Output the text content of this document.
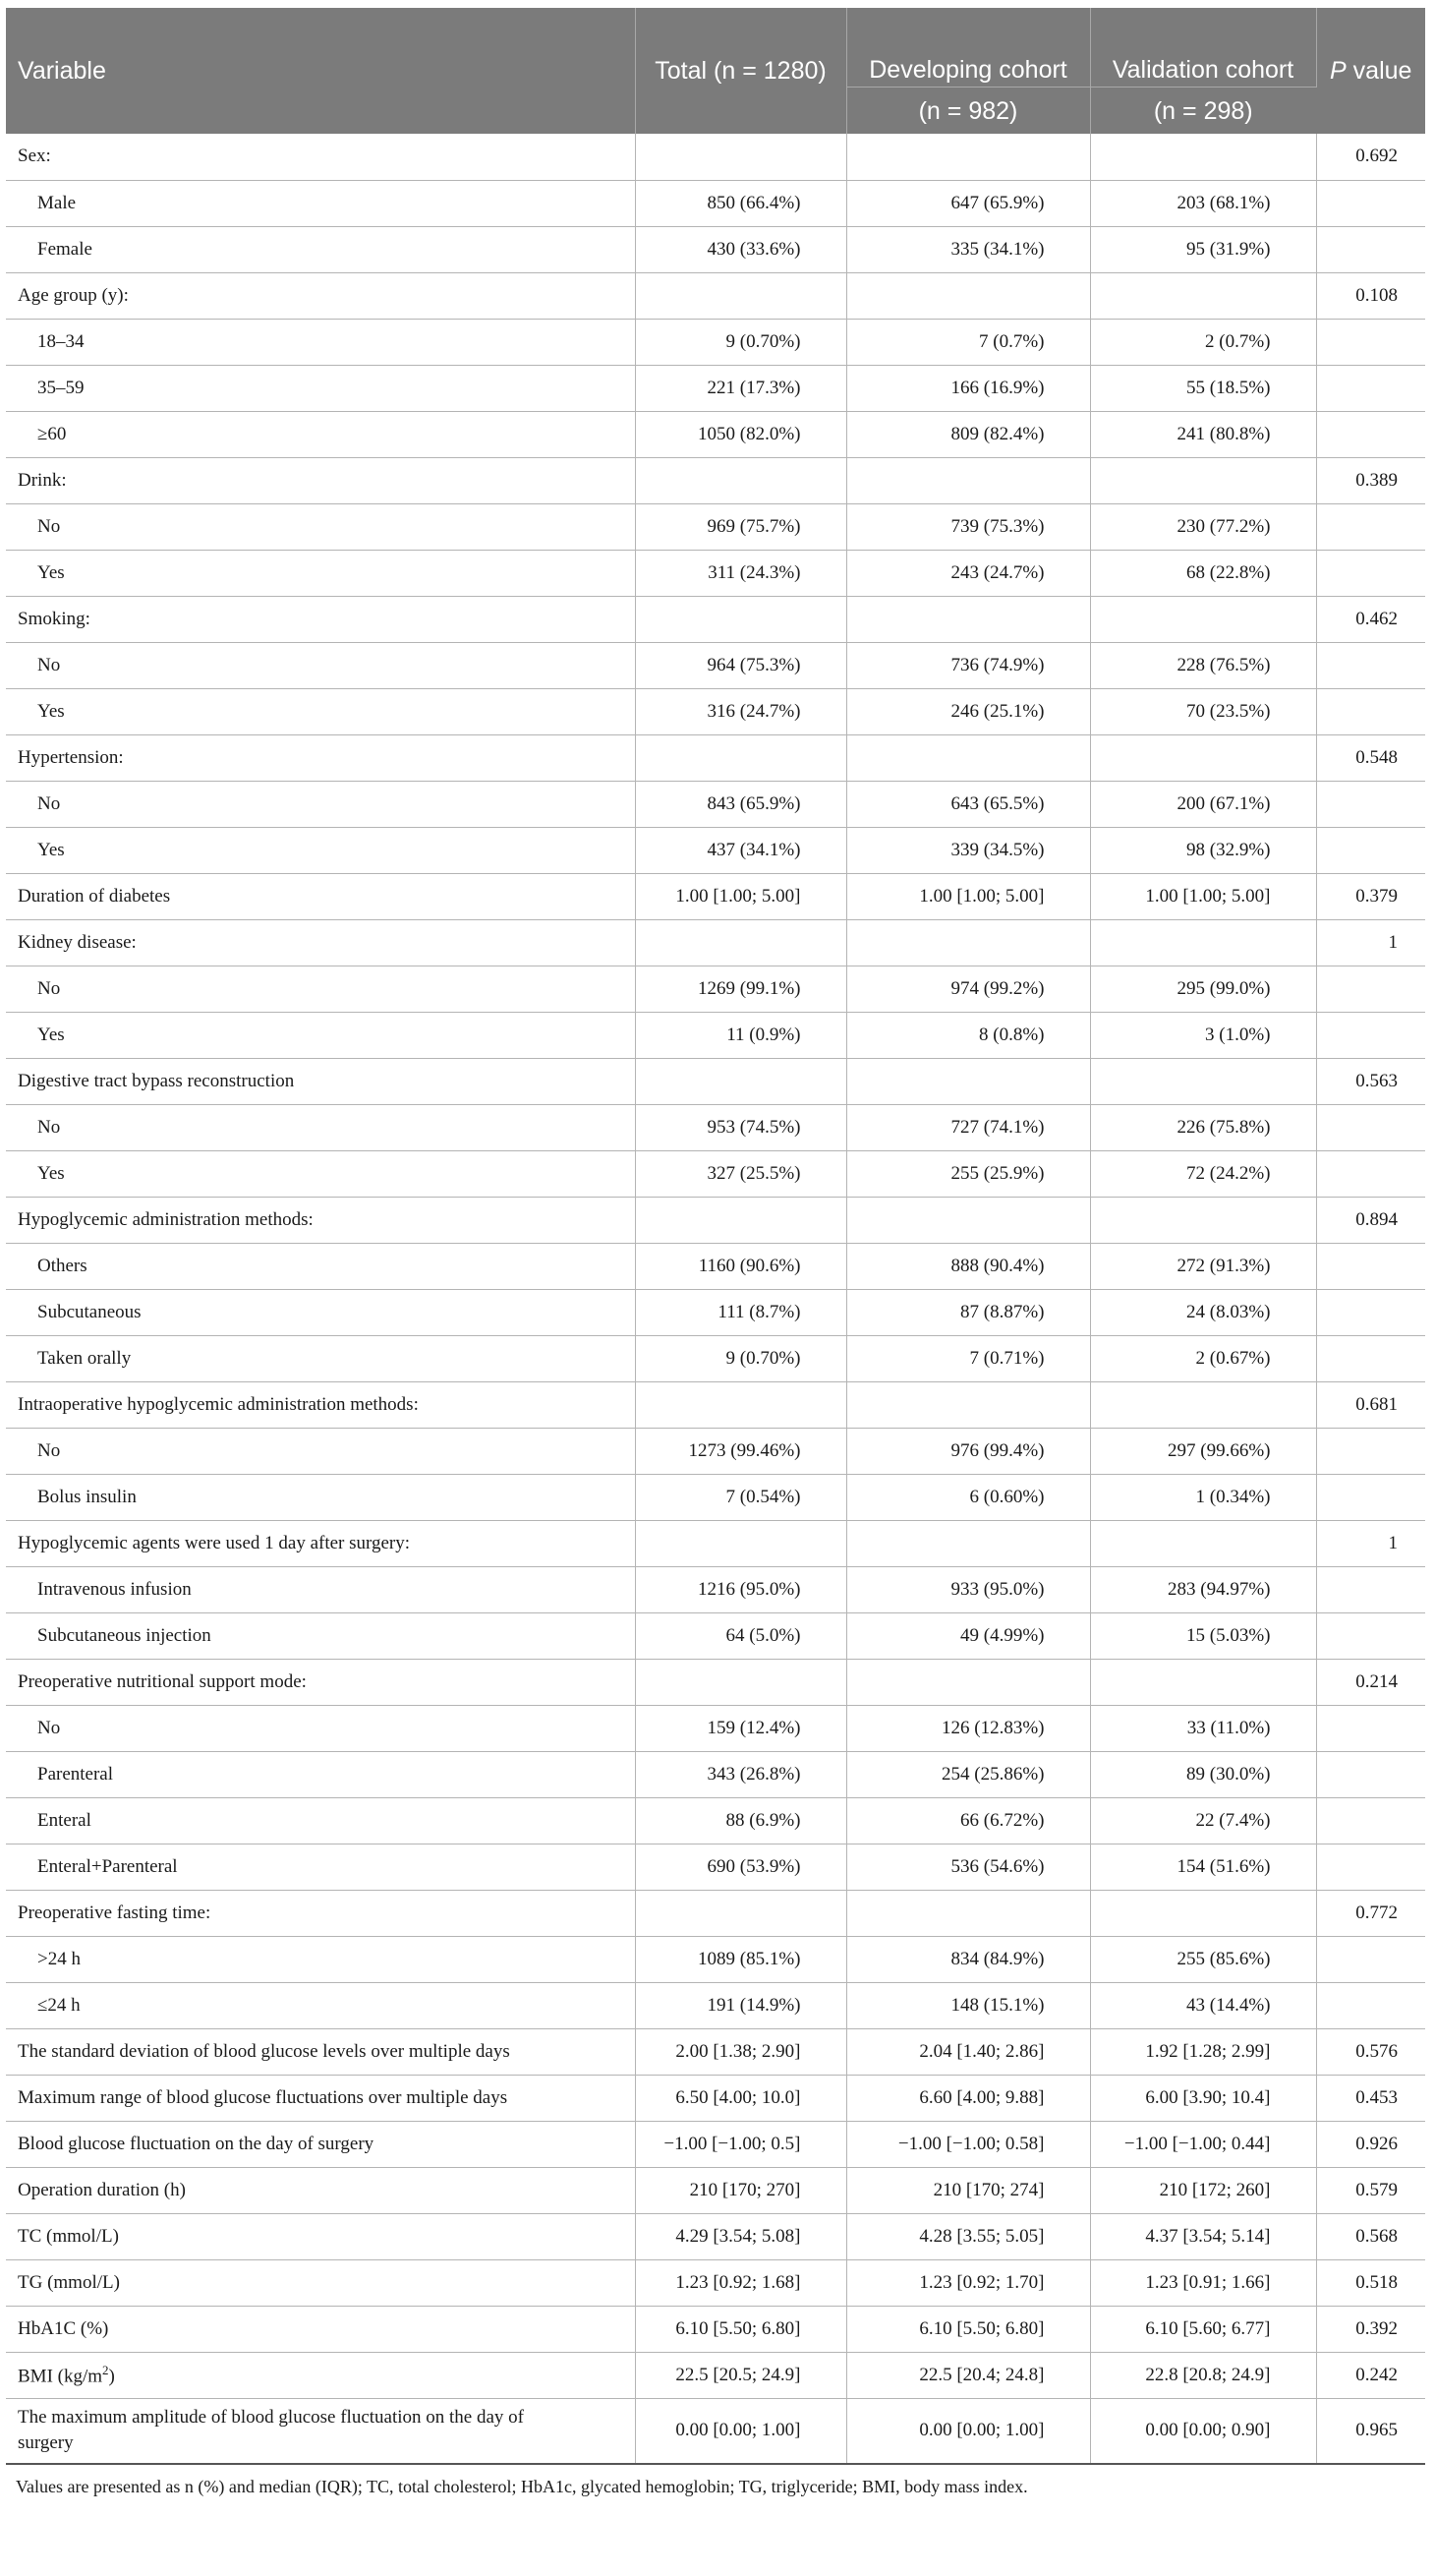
Variable	Total (n = 1280)	Developing cohort	Validation cohort	P value
		(n = 982)	(n = 298)	
Sex:				0.692
Male	850 (66.4%)	647 (65.9%)	203 (68.1%)	
Female	430 (33.6%)	335 (34.1%)	95 (31.9%)	
Age group (y):				0.108
18–34	9 (0.70%)	7 (0.7%)	2 (0.7%)	
35–59	221 (17.3%)	166 (16.9%)	55 (18.5%)	
≥60	1050 (82.0%)	809 (82.4%)	241 (80.8%)	
Drink:				0.389
No	969 (75.7%)	739 (75.3%)	230 (77.2%)	
Yes	311 (24.3%)	243 (24.7%)	68 (22.8%)	
Smoking:				0.462
No	964 (75.3%)	736 (74.9%)	228 (76.5%)	
Yes	316 (24.7%)	246 (25.1%)	70 (23.5%)	
Hypertension:				0.548
No	843 (65.9%)	643 (65.5%)	200 (67.1%)	
Yes	437 (34.1%)	339 (34.5%)	98 (32.9%)	
Duration of diabetes	1.00 [1.00; 5.00]	1.00 [1.00; 5.00]	1.00 [1.00; 5.00]	0.379
Kidney disease:				1
No	1269 (99.1%)	974 (99.2%)	295 (99.0%)	
Yes	11 (0.9%)	8 (0.8%)	3 (1.0%)	
Digestive tract bypass reconstruction				0.563
No	953 (74.5%)	727 (74.1%)	226 (75.8%)	
Yes	327 (25.5%)	255 (25.9%)	72 (24.2%)	
Hypoglycemic administration methods:				0.894
Others	1160 (90.6%)	888 (90.4%)	272 (91.3%)	
Subcutaneous	111 (8.7%)	87 (8.87%)	24 (8.03%)	
Taken orally	9 (0.70%)	7 (0.71%)	2 (0.67%)	
Intraoperative hypoglycemic administration methods:				0.681
No	1273 (99.46%)	976 (99.4%)	297 (99.66%)	
Bolus insulin	7 (0.54%)	6 (0.60%)	1 (0.34%)	
Hypoglycemic agents were used 1 day after surgery:				1
Intravenous infusion	1216 (95.0%)	933 (95.0%)	283 (94.97%)	
Subcutaneous injection	64 (5.0%)	49 (4.99%)	15 (5.03%)	
Preoperative nutritional support mode:				0.214
No	159 (12.4%)	126 (12.83%)	33 (11.0%)	
Parenteral	343 (26.8%)	254 (25.86%)	89 (30.0%)	
Enteral	88 (6.9%)	66 (6.72%)	22 (7.4%)	
Enteral+Parenteral	690 (53.9%)	536 (54.6%)	154 (51.6%)	
Preoperative fasting time:				0.772
>24 h	1089 (85.1%)	834 (84.9%)	255 (85.6%)	
≤24 h	191 (14.9%)	148 (15.1%)	43 (14.4%)	
The standard deviation of blood glucose levels over multiple days	2.00 [1.38; 2.90]	2.04 [1.40; 2.86]	1.92 [1.28; 2.99]	0.576
Maximum range of blood glucose fluctuations over multiple days	6.50 [4.00; 10.0]	6.60 [4.00; 9.88]	6.00 [3.90; 10.4]	0.453
Blood glucose fluctuation on the day of surgery	−1.00 [−1.00; 0.5]	−1.00 [−1.00; 0.58]	−1.00 [−1.00; 0.44]	0.926
Operation duration (h)	210 [170; 270]	210 [170; 274]	210 [172; 260]	0.579
TC (mmol/L)	4.29 [3.54; 5.08]	4.28 [3.55; 5.05]	4.37 [3.54; 5.14]	0.568
TG (mmol/L)	1.23 [0.92; 1.68]	1.23 [0.92; 1.70]	1.23 [0.91; 1.66]	0.518
HbA1C (%)	6.10 [5.50; 6.80]	6.10 [5.50; 6.80]	6.10 [5.60; 6.77]	0.392
BMI $(kg/m^2)$	22.5 [20.5; 24.9]	22.5 [20.4; 24.8]	22.8 [20.8; 24.9]	0.242
The maximum amplitude of blood glucose fluctuation on the day of surgery	0.00 [0.00; 1.00]	0.00 [0.00; 1.00]	0.00 [0.00; 0.90]	0.965
Values are presented as n (%) and median (IQR); TC, total cholesterol; HbA1c, glycated hemoglobin; TG, triglyceride; BMI, body mass index.
